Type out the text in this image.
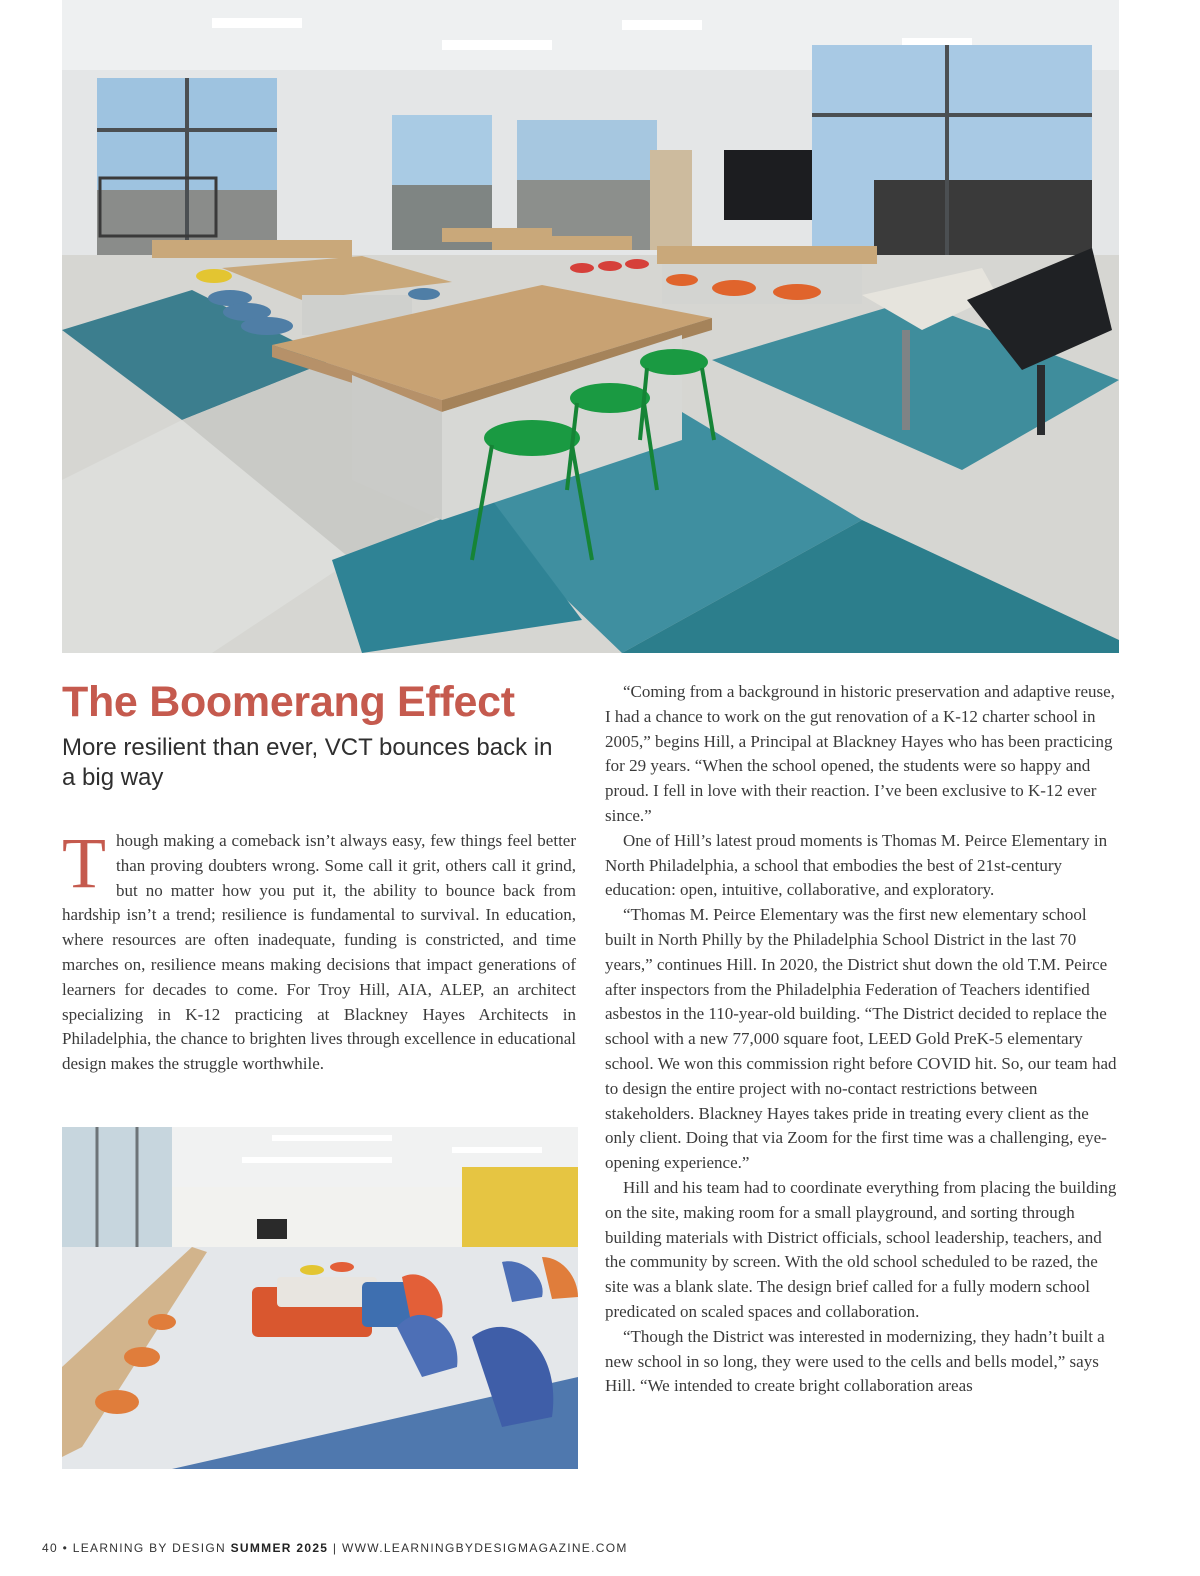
The Boomerang Effect
More resilient than ever, VCT bounces back in a big way

Though making a comeback isn’t always easy, few things feel better than proving doubters wrong. Some call it grit, others call it grind, but no matter how you put it, the ability to bounce back from hardship isn’t a trend; resilience is fundamental to survival. In education, where resources are often inadequate, funding is constricted, and time marches on, resilience means making decisions that impact generations of learners for decades to come. For Troy Hill, AIA, ALEP, an architect specializing in K-12 practicing at Blackney Hayes Architects in Philadelphia, the chance to brighten lives through excellence in educational design makes the struggle worthwhile.

“Coming from a background in historic preservation and adaptive reuse, I had a chance to work on the gut renovation of a K-12 charter school in 2005,” begins Hill, a Principal at Blackney Hayes who has been practicing for 29 years. “When the school opened, the students were so happy and proud. I fell in love with their reaction. I’ve been exclusive to K-12 ever since.”

One of Hill’s latest proud moments is Thomas M. Peirce Elementary in North Philadelphia, a school that embodies the best of 21st-century education: open, intuitive, collaborative, and exploratory.

“Thomas M. Peirce Elementary was the first new elementary school built in North Philly by the Philadelphia School District in the last 70 years,” continues Hill. In 2020, the District shut down the old T.M. Peirce after inspectors from the Philadelphia Federation of Teachers identified asbestos in the 110-year-old building. “The District decided to replace the school with a new 77,000 square foot, LEED Gold PreK-5 elementary school. We won this commission right before COVID hit. So, our team had to design the entire project with no-contact restrictions between stakeholders. Blackney Hayes takes pride in treating every client as the only client. Doing that via Zoom for the first time was a challenging, eye-opening experience.”

Hill and his team had to coordinate everything from placing the building on the site, making room for a small playground, and sorting through building materials with District officials, school leadership, teachers, and the community by screen. With the old school scheduled to be razed, the site was a blank slate. The design brief called for a fully modern school predicated on scaled spaces and collaboration.

“Though the District was interested in modernizing, they hadn’t built a new school in so long, they were used to the cells and bells model,” says Hill. “We intended to create bright collaboration areas

40 • LEARNING BY DESIGN SUMMER 2025 | WWW.LEARNINGBYDESIGMAGAZINE.COM
